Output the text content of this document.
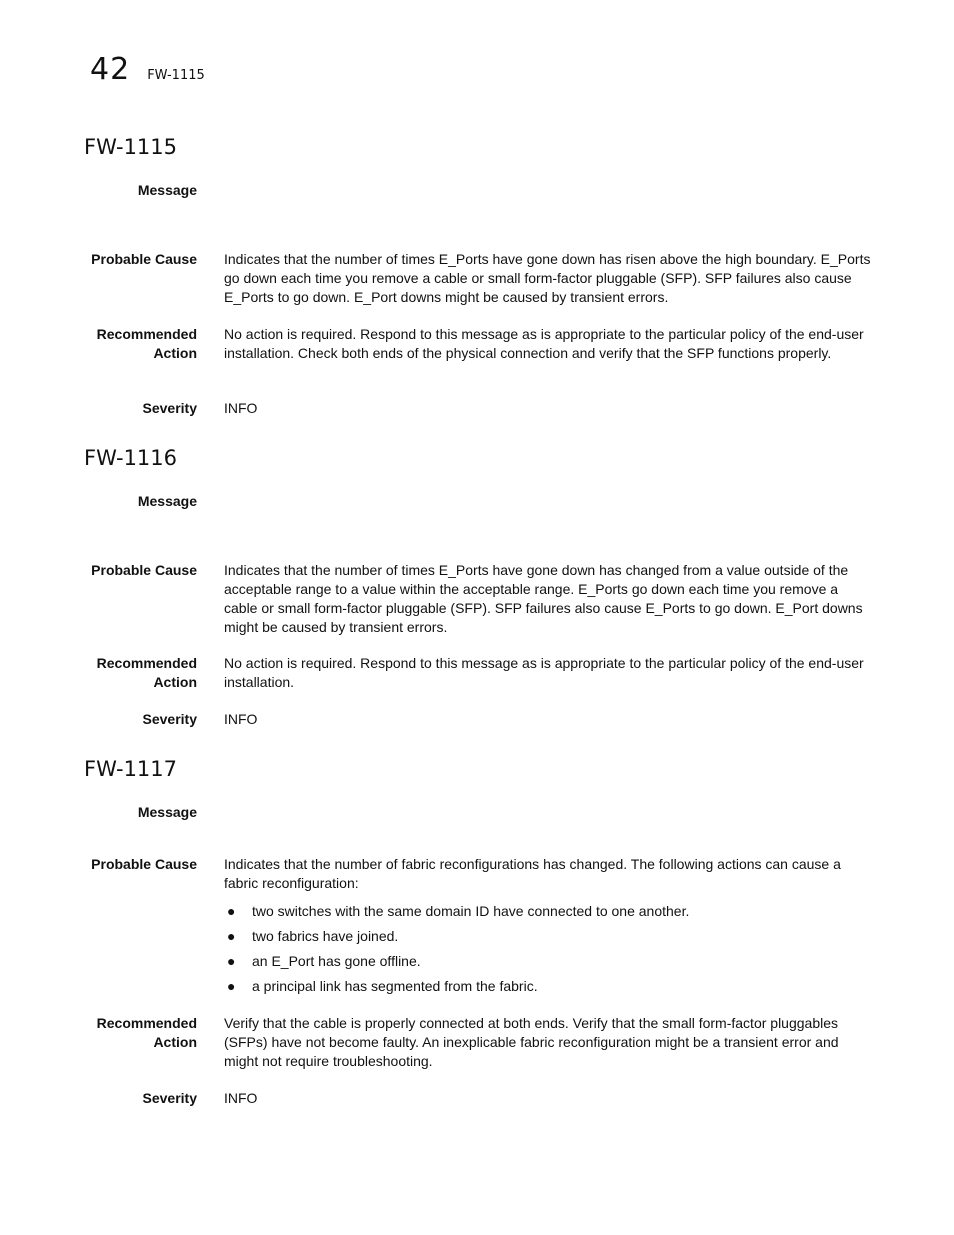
42 FW-1115
FW-1115
Message
Probable Cause Indicates that the number of times E_Ports have gone down has risen above the high boundary. E_Ports go down each time you remove a cable or small form-factor pluggable (SFP). SFP failures also cause E_Ports to go down. E_Port downs might be caused by transient errors.
Recommended
Action
No action is required. Respond to this message as is appropriate to the particular policy of the end-user installation. Check both ends of the physical connection and verify that the SFP functions properly.
Severity INFO
FW-1116
Message
Probable Cause Indicates that the number of times E_Ports have gone down has changed from a value outside of the acceptable range to a value within the acceptable range. E_Ports go down each time you remove a cable or small form-factor pluggable (SFP). SFP failures also cause E_Ports to go down. E_Port downs might be caused by transient errors.
Recommended
Action
No action is required. Respond to this message as is appropriate to the particular policy of the end-user installation.
Severity INFO
FW-1117
Message
Probable Cause Indicates that the number of fabric reconfigurations has changed. The following actions can cause a fabric reconfiguration:
● two switches with the same domain ID have connected to one another.
● two fabrics have joined.
● an E_Port has gone offline.
● a principal link has segmented from the fabric.
Recommended
Action
Verify that the cable is properly connected at both ends. Verify that the small form-factor pluggables (SFPs) have not become faulty. An inexplicable fabric reconfiguration might be a transient error and might not require troubleshooting.
Severity INFO
